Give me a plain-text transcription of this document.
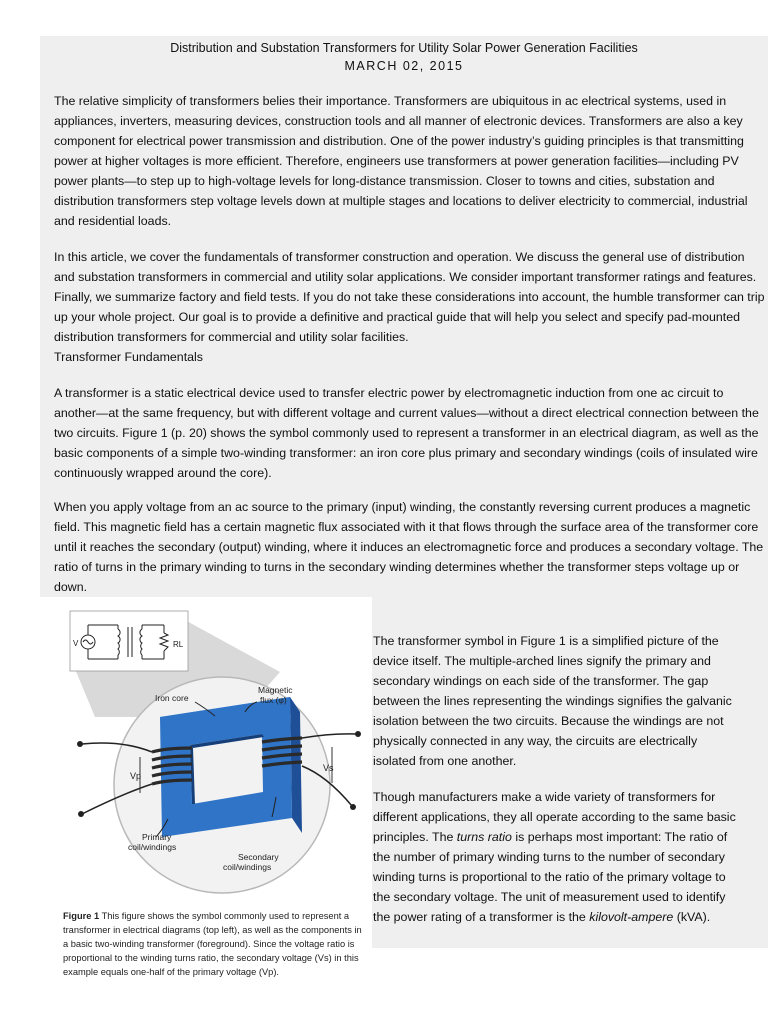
Distribution and Substation Transformers for Utility Solar Power Generation Facilities
MARCH 02, 2015

The relative simplicity of transformers belies their importance. Transformers are ubiquitous in ac electrical systems, used in appliances, inverters, measuring devices, construction tools and all manner of electronic devices. Transformers are also a key component for electrical power transmission and distribution. One of the power industry’s guiding principles is that transmitting power at higher voltages is more efficient. Therefore, engineers use transformers at power generation facilities—including PV power plants—to step up to high-voltage levels for long-distance transmission. Closer to towns and cities, substation and distribution transformers step voltage levels down at multiple stages and locations to deliver electricity to commercial, industrial and residential loads.

In this article, we cover the fundamentals of transformer construction and operation. We discuss the general use of distribution and substation transformers in commercial and utility solar applications. We consider important transformer ratings and features. Finally, we summarize factory and field tests. If you do not take these considerations into account, the humble transformer can trip up your whole project. Our goal is to provide a definitive and practical guide that will help you select and specify pad-mounted distribution transformers for commercial and utility solar facilities.

Transformer Fundamentals

A transformer is a static electrical device used to transfer electric power by electromagnetic induction from one ac circuit to another—at the same frequency, but with different voltage and current values—without a direct electrical connection between the two circuits. Figure 1 (p. 20) shows the symbol commonly used to represent a transformer in an electrical diagram, as well as the basic components of a simple two-winding transformer: an iron core plus primary and secondary windings (coils of insulated wire continuously wrapped around the core).

When you apply voltage from an ac source to the primary (input) winding, the constantly reversing current produces a magnetic field. This magnetic field has a certain magnetic flux associated with it that flows through the surface area of the transformer core until it reaches the secondary (output) winding, where it induces an electromagnetic force and produces a secondary voltage. The ratio of turns in the primary winding to turns in the secondary winding determines whether the transformer steps voltage up or down.

V	RL
Vp
Vs
Magnetic
flux (φ)
Iron core
Primary
coil/windings
Secondary
coil/windings
Figure 1 This figure shows the symbol commonly used to represent a transformer in electrical diagrams (top left), as well as the components in a basic two-winding transformer (foreground). Since the voltage ratio is proportional to the winding turns ratio, the secondary voltage (Vs) in this example equals one-half of the primary voltage (Vp).

The transformer symbol in Figure 1 is a simplified picture of the device itself. The multiple-arched lines signify the primary and secondary windings on each side of the transformer. The gap between the lines representing the windings signifies the galvanic isolation between the two circuits. Because the windings are not physically connected in any way, the circuits are electrically isolated from one another.

Though manufacturers make a wide variety of transformers for different applications, they all operate according to the same basic principles. The turns ratio is perhaps most important: The ratio of the number of primary winding turns to the number of secondary winding turns is proportional to the ratio of the primary voltage to the secondary voltage. The unit of measurement used to identify the power rating of a transformer is the kilovolt-ampere (kVA).
